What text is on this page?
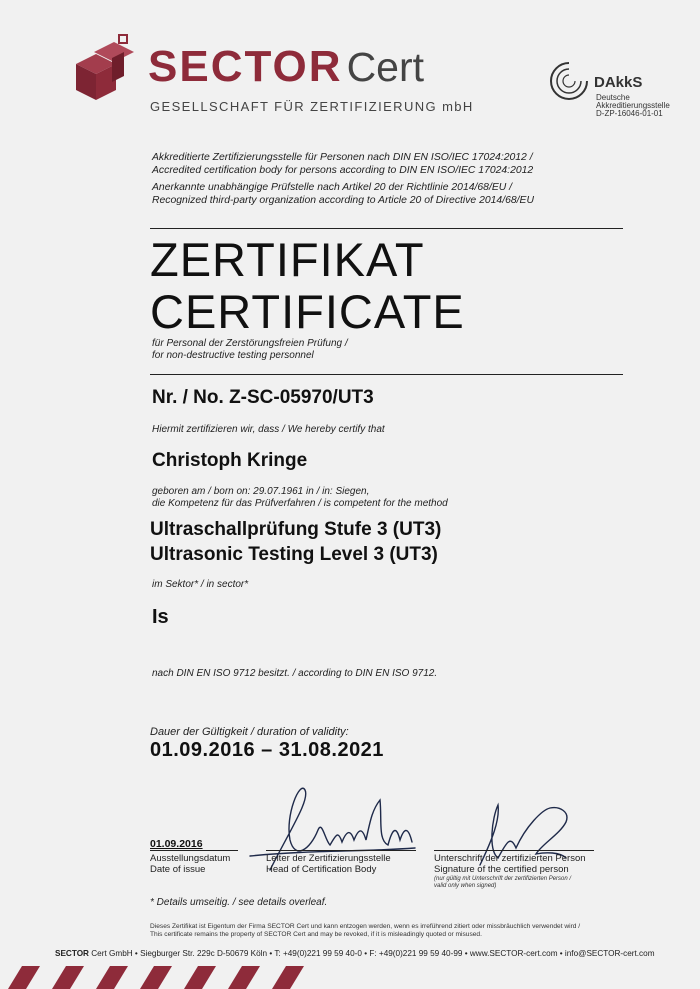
SECTORCert
GESELLSCHAFT FÜR ZERTIFIZIERUNG mbH
DAkkS
Deutsche
Akkreditierungsstelle
D-ZP-16046-01-01
Akkreditierte Zertifizierungsstelle für Personen nach DIN EN ISO/IEC 17024:2012 /
Accredited certification body for persons according to DIN EN ISO/IEC 17024:2012
Anerkannte unabhängige Prüfstelle nach Artikel 20 der Richtlinie 2014/68/EU /
Recognized third-party organization according to Article 20 of Directive 2014/68/EU
ZERTIFIKAT
CERTIFICATE
für Personal der Zerstörungsfreien Prüfung /
for non-destructive testing personnel
Nr. / No. Z-SC-05970/UT3
Hiermit zertifizieren wir, dass / We hereby certify that
Christoph Kringe
geboren am / born on: 29.07.1961 in / in: Siegen,
die Kompetenz für das Prüfverfahren / is competent for the method
Ultraschallprüfung Stufe 3 (UT3)
Ultrasonic Testing Level 3 (UT3)
im Sektor* / in sector*
Is
nach DIN EN ISO 9712 besitzt. / according to DIN EN ISO 9712.
Dauer der Gültigkeit / duration of validity:
01.09.2016 – 31.08.2021
01.09.2016
Ausstellungsdatum
Date of issue
Leiter der Zertifizierungsstelle
Head of Certification Body
Unterschrift der zertifizierten Person
Signature of the certified person
(nur gültig mit Unterschrift der zertifizierten Person /
valid only when signed)
* Details umseitig. / see details overleaf.
Dieses Zertifikat ist Eigentum der Firma SECTOR Cert und kann entzogen werden, wenn es irreführend zitiert oder missbräuchlich verwendet wird /
This certificate remains the property of SECTOR Cert and may be revoked, if it is misleadingly quoted or misused.
SECTOR Cert GmbH • Siegburger Str. 229c D-50679 Köln • T: +49(0)221 99 59 40-0 • F: +49(0)221 99 59 40-99 • www.SECTOR-cert.com • info@SECTOR-cert.com
